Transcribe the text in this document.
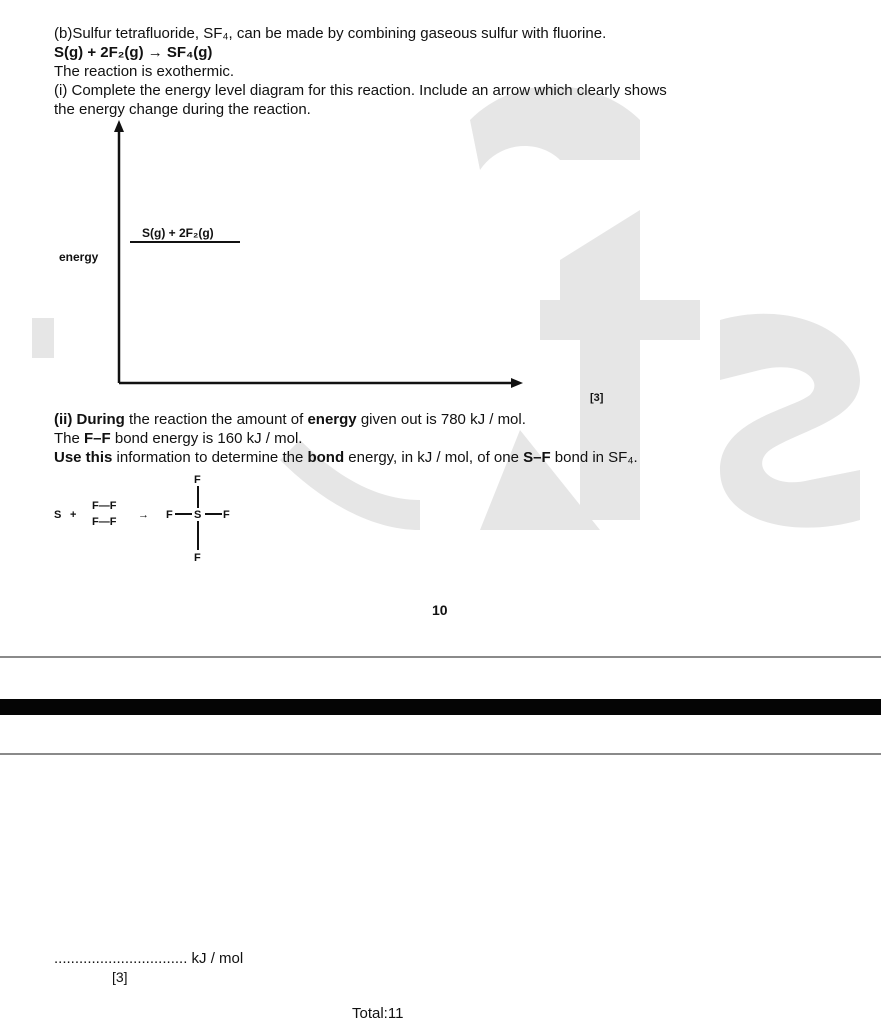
(b)Sulfur tetrafluoride, SF₄, can be made by combining gaseous sulfur with fluorine.
S(g) + 2F₂(g) → SF₄(g)
The reaction is exothermic.
(i) Complete the energy level diagram for this reaction. Include an arrow which clearly shows
the energy change during the reaction.
energy
S(g) + 2F₂(g)
[3]
(ii) During the reaction the amount of energy given out is 780 kJ / mol.
The F–F bond energy is 160 kJ / mol.
Use this information to determine the bond energy, in kJ / mol, of one S–F bond in SF₄.
S +
F—F
F—F
→
F
F S F
F
10
................................ kJ / mol
[3]
Total:11
